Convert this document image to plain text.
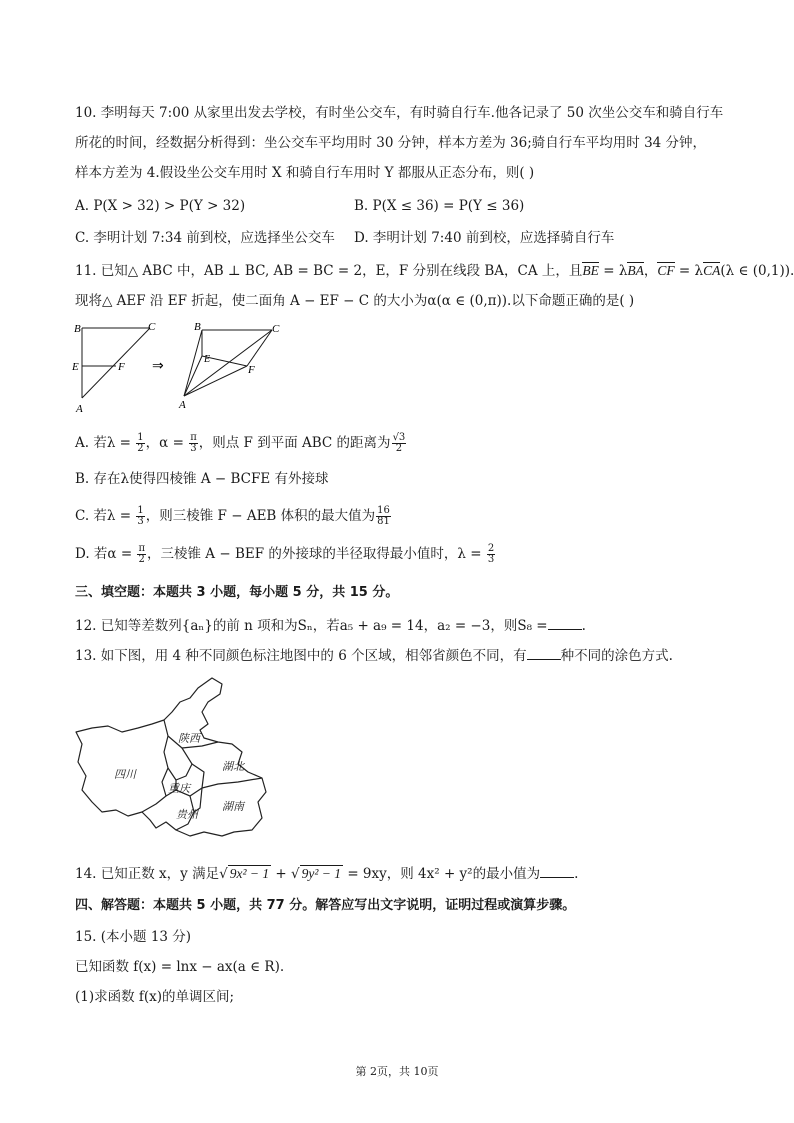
10. 李明每天 7:00 从家里出发去学校，有时坐公交车，有时骑自行车.他各记录了 50 次坐公交车和骑自行车
所花的时间，经数据分析得到：坐公交车平均用时 30 分钟，样本方差为 36;骑自行车平均用时 34 分钟，
样本方差为 4.假设坐公交车用时 X 和骑自行车用时 Y 都服从正态分布，则( )
A. P(X > 32) > P(Y > 32)	B. P(X ≤ 36) = P(Y ≤ 36)
C. 李明计划 7:34 前到校，应选择坐公交车 D. 李明计划 7:40 前到校，应选择骑自行车
11. 已知△ ABC 中，AB ⊥ BC, AB = BC = 2，E，F 分别在线段 BA，CA 上，且BE = λBA，CF = λCA(λ ∈ (0,1)).
现将△ AEF 沿 EF 折起，使二面角 A − EF − C 的大小为α(α ∈ (0,π)).以下命题正确的是( )
B	C
E	F
A
⇒
B	C
E
F
A
A. 若$\lambda = \frac{1}{2}$ ，$\alpha = \frac{\pi}{3}$ ，则点 F 到平面 ABC 的距离为 $\frac{√3}{2}$
B. 存在λ使得四棱锥 A − BCFE 有外接球
C. 若$\lambda = \frac{1}{3}$ ，则三棱锥 F − AEB 体积的最大值为 $\frac{16}{81}$
D. 若$\alpha = \frac{\pi}{2}$ ，三棱锥 A − BEF 的外接球的半径取得最小值时，$\lambda = \frac{2}{3}$
三、填空题：本题共 3 小题，每小题 5 分，共 15 分。
12. 已知等差数列{aₙ}的前 n 项和为Sₙ，若a₅ + a₉ = 14，a₂ = −3，则S₈ =	.
13. 如下图，用 4 种不同颜色标注地图中的 6 个区域，相邻省颜色不同，有	种不同的涂色方式.
陕西
四川
湖北
重庆
贵州
湖南
14. 已知正数 x，y 满足√ 9x² − 1 + √ 9y² − 1 = 9xy，则 4x² + y²的最小值为	.
四、解答题：本题共 5 小题，共 77 分。解答应写出文字说明，证明过程或演算步骤。
15. (本小题 13 分)
已知函数 f(x) = lnx − ax(a ∈ R).
(1)求函数 f(x)的单调区间;
第 2页，共 10页
